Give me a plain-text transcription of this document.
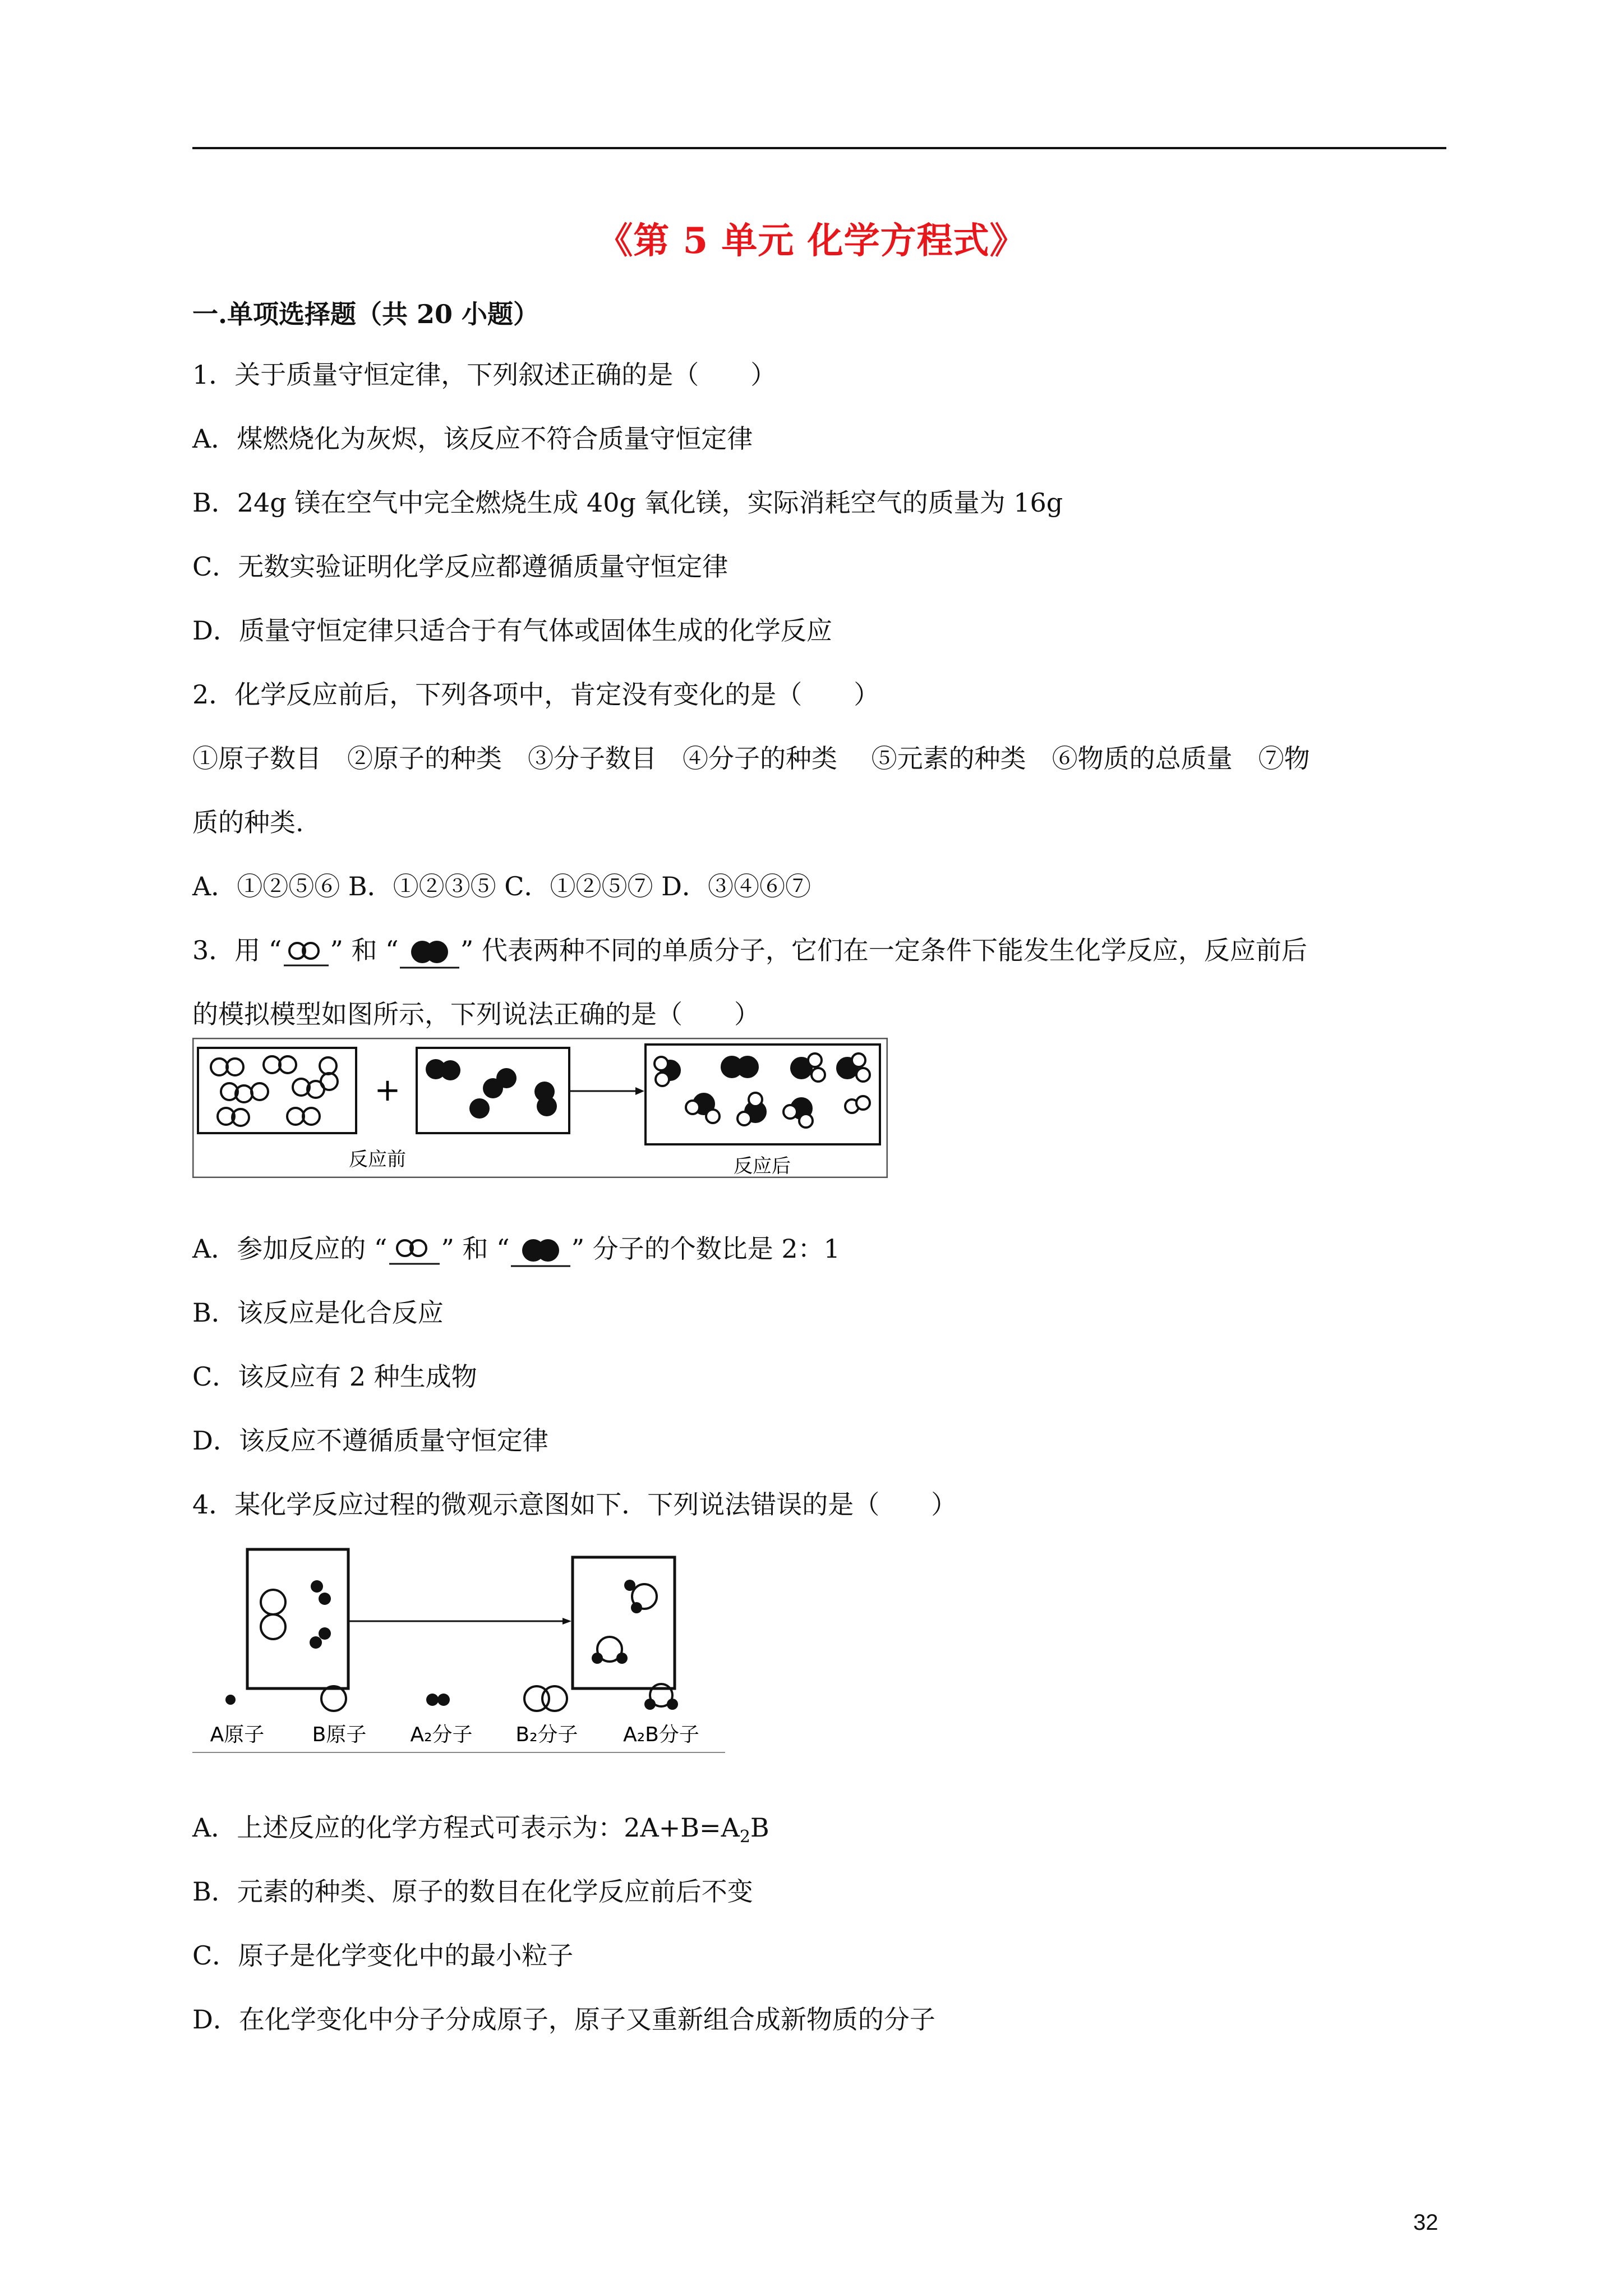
《第 5 单元 化学方程式》
一.单项选择题（共 20 小题）
1．关于质量守恒定律，下列叙述正确的是（　　）
A．煤燃烧化为灰烬，该反应不符合质量守恒定律
B．24g 镁在空气中完全燃烧生成 40g 氧化镁，实际消耗空气的质量为 16g
C．无数实验证明化学反应都遵循质量守恒定律
D．质量守恒定律只适合于有气体或固体生成的化学反应
2．化学反应前后，下列各项中，肯定没有变化的是（　　）
①原子数目　②原子的种类　③分子数目　④分子的种类　 ⑤元素的种类　⑥物质的总质量　⑦物
质的种类.
A．①②⑤⑥ B．①②③⑤ C．①②⑤⑦ D．③④⑥⑦
3．用 “ ” 和 “ ” 代表两种不同的单质分子，它们在一定条件下能发生化学反应，反应前后
的模拟模型如图所示，下列说法正确的是（　　）
+
反应前	反应后
A．参加反应的 “ ” 和 “ ” 分子的个数比是 2：1
B．该反应是化合反应
C．该反应有 2 种生成物
D．该反应不遵循质量守恒定律
4．某化学反应过程的微观示意图如下．下列说法错误的是（　　）
A原子 B原子 A₂分子 B₂分子 A₂B分子
A．上述反应的化学方程式可表示为：$2A+B=A_2B$
B．元素的种类、原子的数目在化学反应前后不变
C．原子是化学变化中的最小粒子
D．在化学变化中分子分成原子，原子又重新组合成新物质的分子
32
